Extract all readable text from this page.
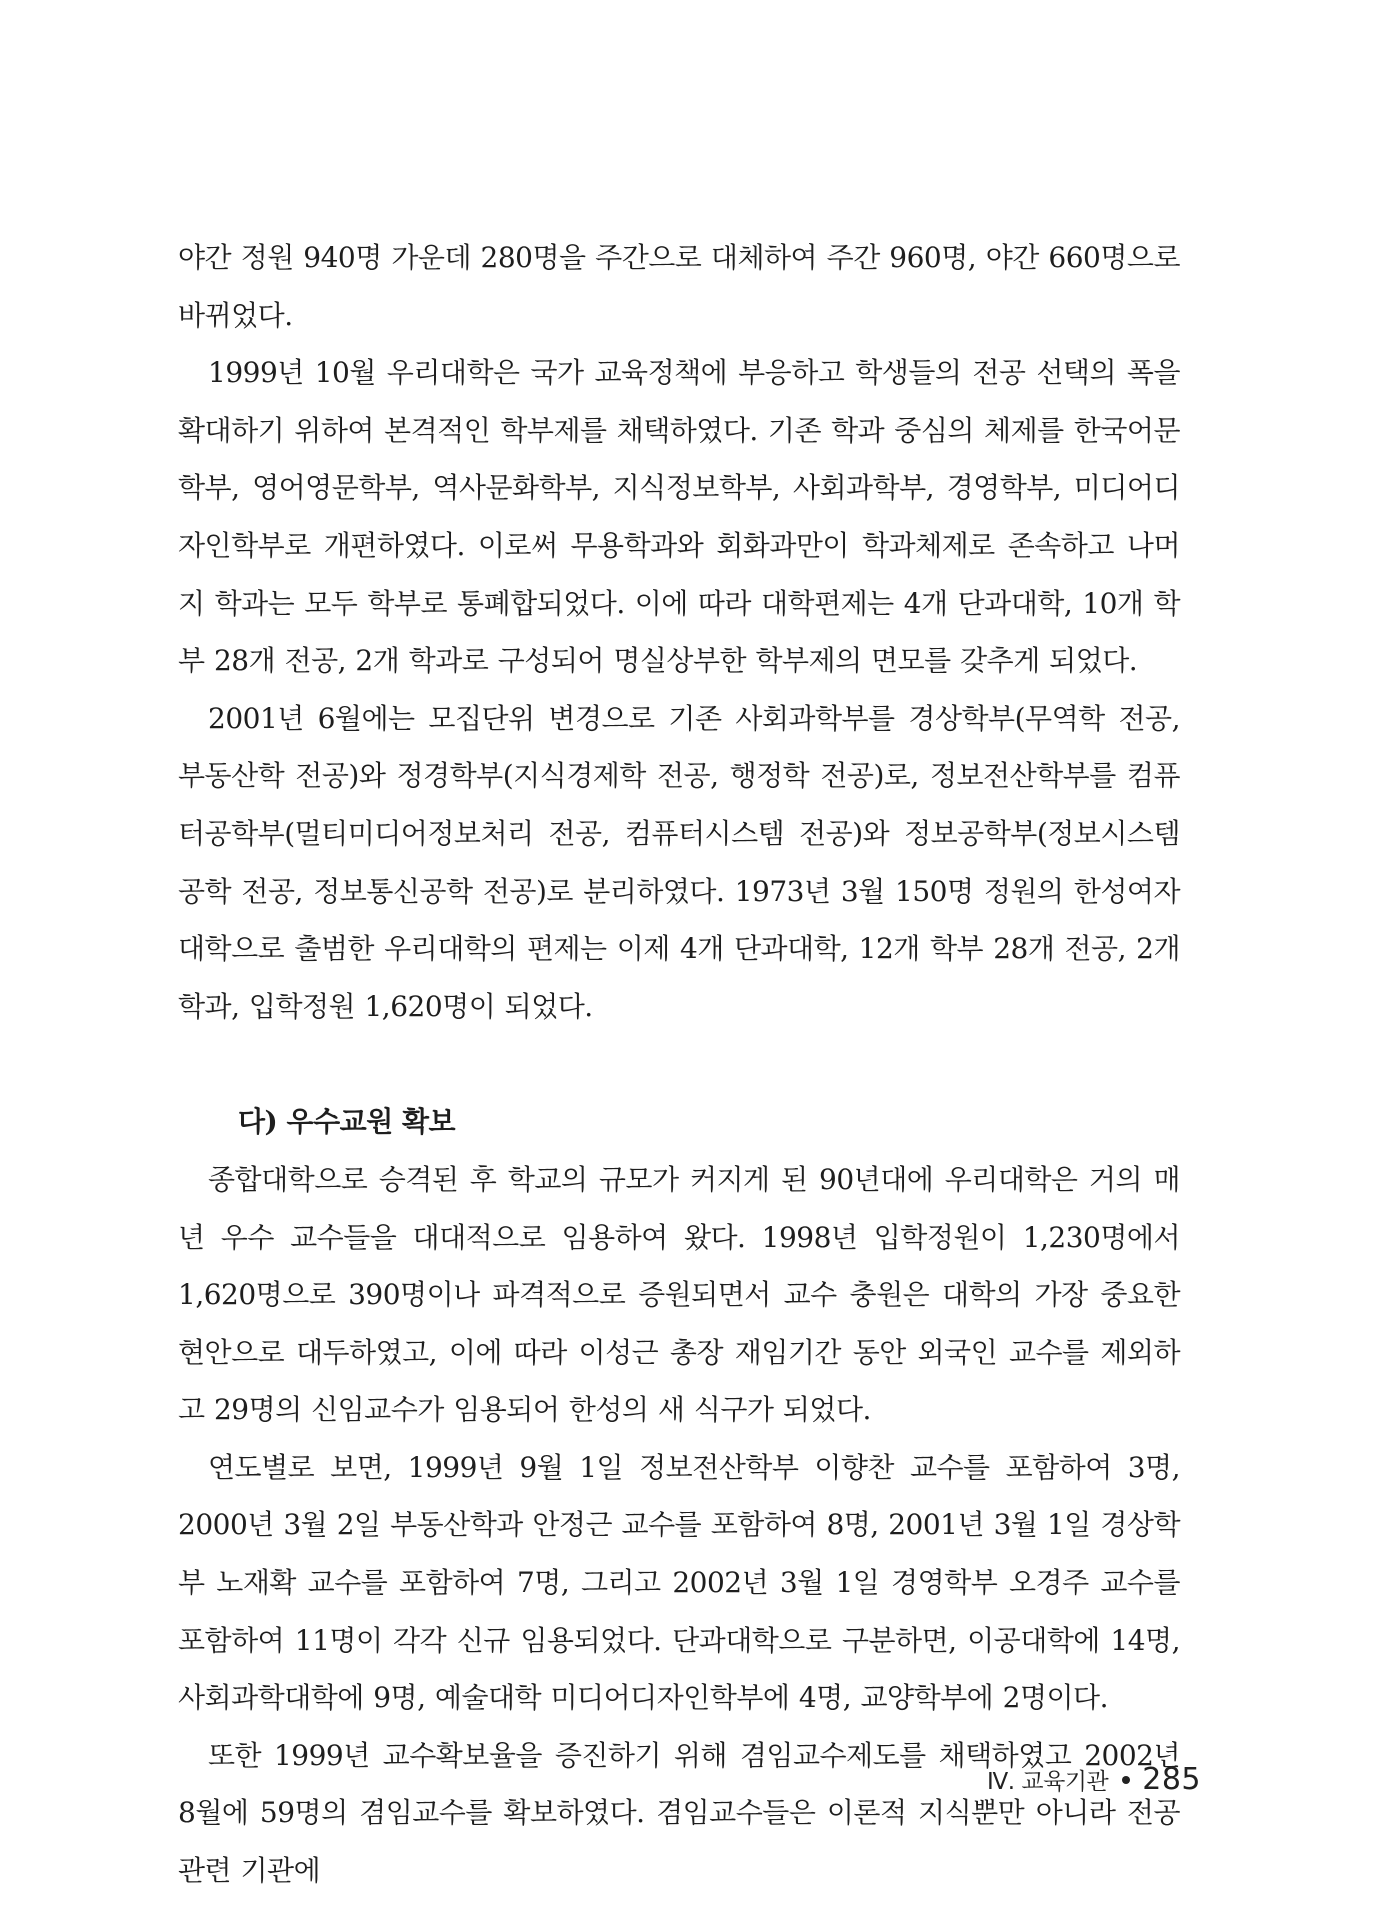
야간 정원 940명 가운데 280명을 주간으로 대체하여 주간 960명, 야간 660명으로 바뀌었다.

1999년 10월 우리대학은 국가 교육정책에 부응하고 학생들의 전공 선택의 폭을 확대하기 위하여 본격적인 학부제를 채택하였다. 기존 학과 중심의 체제를 한국어문학부, 영어영문학부, 역사문화학부, 지식정보학부, 사회과학부, 경영학부, 미디어디자인학부로 개편하였다. 이로써 무용학과와 회화과만이 학과체제로 존속하고 나머지 학과는 모두 학부로 통폐합되었다. 이에 따라 대학편제는 4개 단과대학, 10개 학부 28개 전공, 2개 학과로 구성되어 명실상부한 학부제의 면모를 갖추게 되었다.

2001년 6월에는 모집단위 변경으로 기존 사회과학부를 경상학부(무역학 전공, 부동산학 전공)와 정경학부(지식경제학 전공, 행정학 전공)로, 정보전산학부를 컴퓨터공학부(멀티미디어정보처리 전공, 컴퓨터시스템 전공)와 정보공학부(정보시스템공학 전공, 정보통신공학 전공)로 분리하였다. 1973년 3월 150명 정원의 한성여자대학으로 출범한 우리대학의 편제는 이제 4개 단과대학, 12개 학부 28개 전공, 2개 학과, 입학정원 1,620명이 되었다.

다) 우수교원 확보

종합대학으로 승격된 후 학교의 규모가 커지게 된 90년대에 우리대학은 거의 매년 우수 교수들을 대대적으로 임용하여 왔다. 1998년 입학정원이 1,230명에서 1,620명으로 390명이나 파격적으로 증원되면서 교수 충원은 대학의 가장 중요한 현안으로 대두하였고, 이에 따라 이성근 총장 재임기간 동안 외국인 교수를 제외하고 29명의 신임교수가 임용되어 한성의 새 식구가 되었다.

연도별로 보면, 1999년 9월 1일 정보전산학부 이향찬 교수를 포함하여 3명, 2000년 3월 2일 부동산학과 안정근 교수를 포함하여 8명, 2001년 3월 1일 경상학부 노재확 교수를 포함하여 7명, 그리고 2002년 3월 1일 경영학부 오경주 교수를 포함하여 11명이 각각 신규 임용되었다. 단과대학으로 구분하면, 이공대학에 14명, 사회과학대학에 9명, 예술대학 미디어디자인학부에 4명, 교양학부에 2명이다.

또한 1999년 교수확보율을 증진하기 위해 겸임교수제도를 채택하였고 2002년 8월에 59명의 겸임교수를 확보하였다. 겸임교수들은 이론적 지식뿐만 아니라 전공 관련 기관에

Ⅳ. 교육기관 285
